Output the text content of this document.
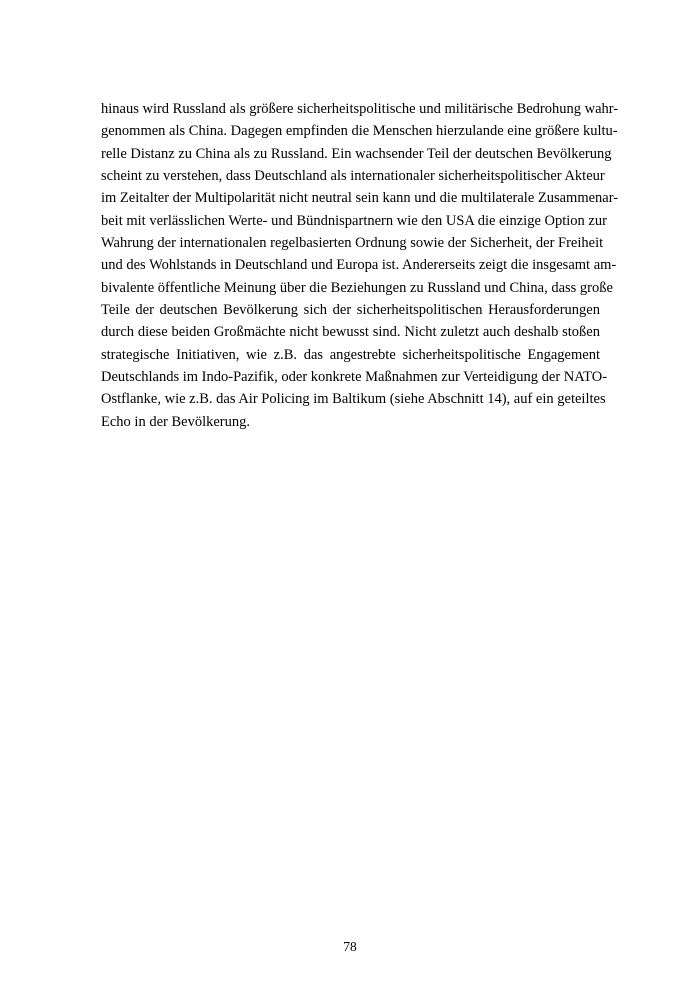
hinaus wird Russland als größere sicherheitspolitische und militärische Bedrohung wahr-
genommen als China. Dagegen empfinden die Menschen hierzulande eine größere kultu-
relle Distanz zu China als zu Russland. Ein wachsender Teil der deutschen Bevölkerung
scheint zu verstehen, dass Deutschland als internationaler sicherheitspolitischer Akteur
im Zeitalter der Multipolarität nicht neutral sein kann und die multilaterale Zusammenar-
beit mit verlässlichen Werte- und Bündnispartnern wie den USA die einzige Option zur
Wahrung der internationalen regelbasierten Ordnung sowie der Sicherheit, der Freiheit
und des Wohlstands in Deutschland und Europa ist. Andererseits zeigt die insgesamt am-
bivalente öffentliche Meinung über die Beziehungen zu Russland und China, dass große
Teile der deutschen Bevölkerung sich der sicherheitspolitischen Herausforderungen
durch diese beiden Großmächte nicht bewusst sind. Nicht zuletzt auch deshalb stoßen
strategische Initiativen, wie z.B. das angestrebte sicherheitspolitische Engagement
Deutschlands im Indo-Pazifik, oder konkrete Maßnahmen zur Verteidigung der NATO-
Ostflanke, wie z.B. das Air Policing im Baltikum (siehe Abschnitt 14), auf ein geteiltes
Echo in der Bevölkerung.

78
